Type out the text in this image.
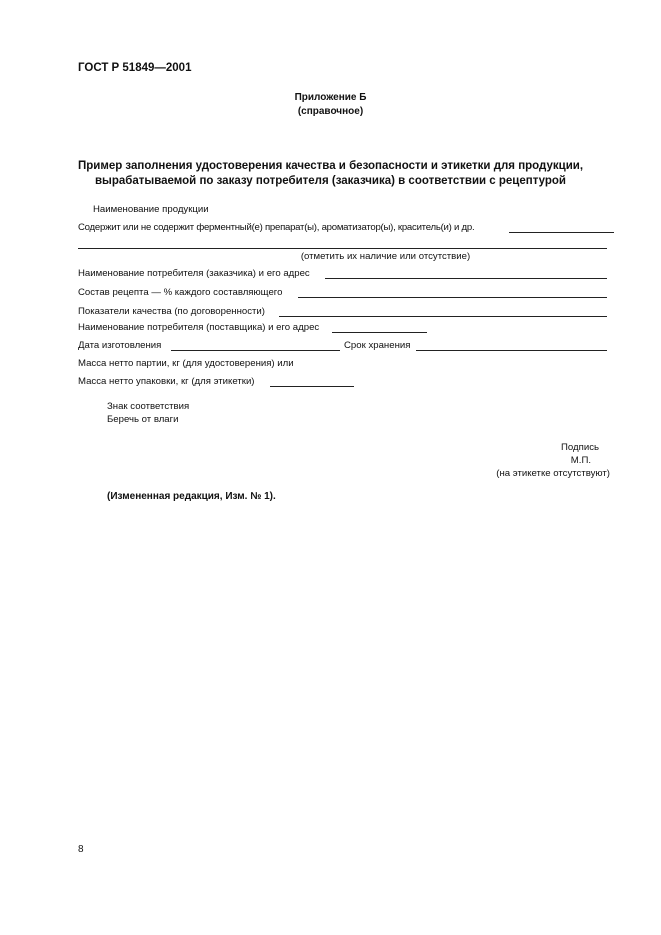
ГОСТ Р 51849—2001
Приложение Б
(справочное)
Пример заполнения удостоверения качества и безопасности и этикетки для продукции,
вырабатываемой по заказу потребителя (заказчика) в соответствии с рецептурой
Наименование продукции
Содержит или не содержит ферментный(е) препарат(ы), ароматизатор(ы), краситель(и) и др.
(отметить их наличие или отсутствие)
Наименование потребителя (заказчика) и его адрес
Состав рецепта — % каждого составляющего
Показатели качества (по договоренности)
Наименование потребителя (поставщика) и его адрес
Дата изготовления	Срок хранения
Масса нетто партии, кг (для удостоверения) или
Масса нетто упаковки, кг (для этикетки)
Знак соответствия
Беречь от влаги
Подпись
М.П.
(на этикетке отсутствуют)
(Измененная редакция, Изм. № 1).
8
